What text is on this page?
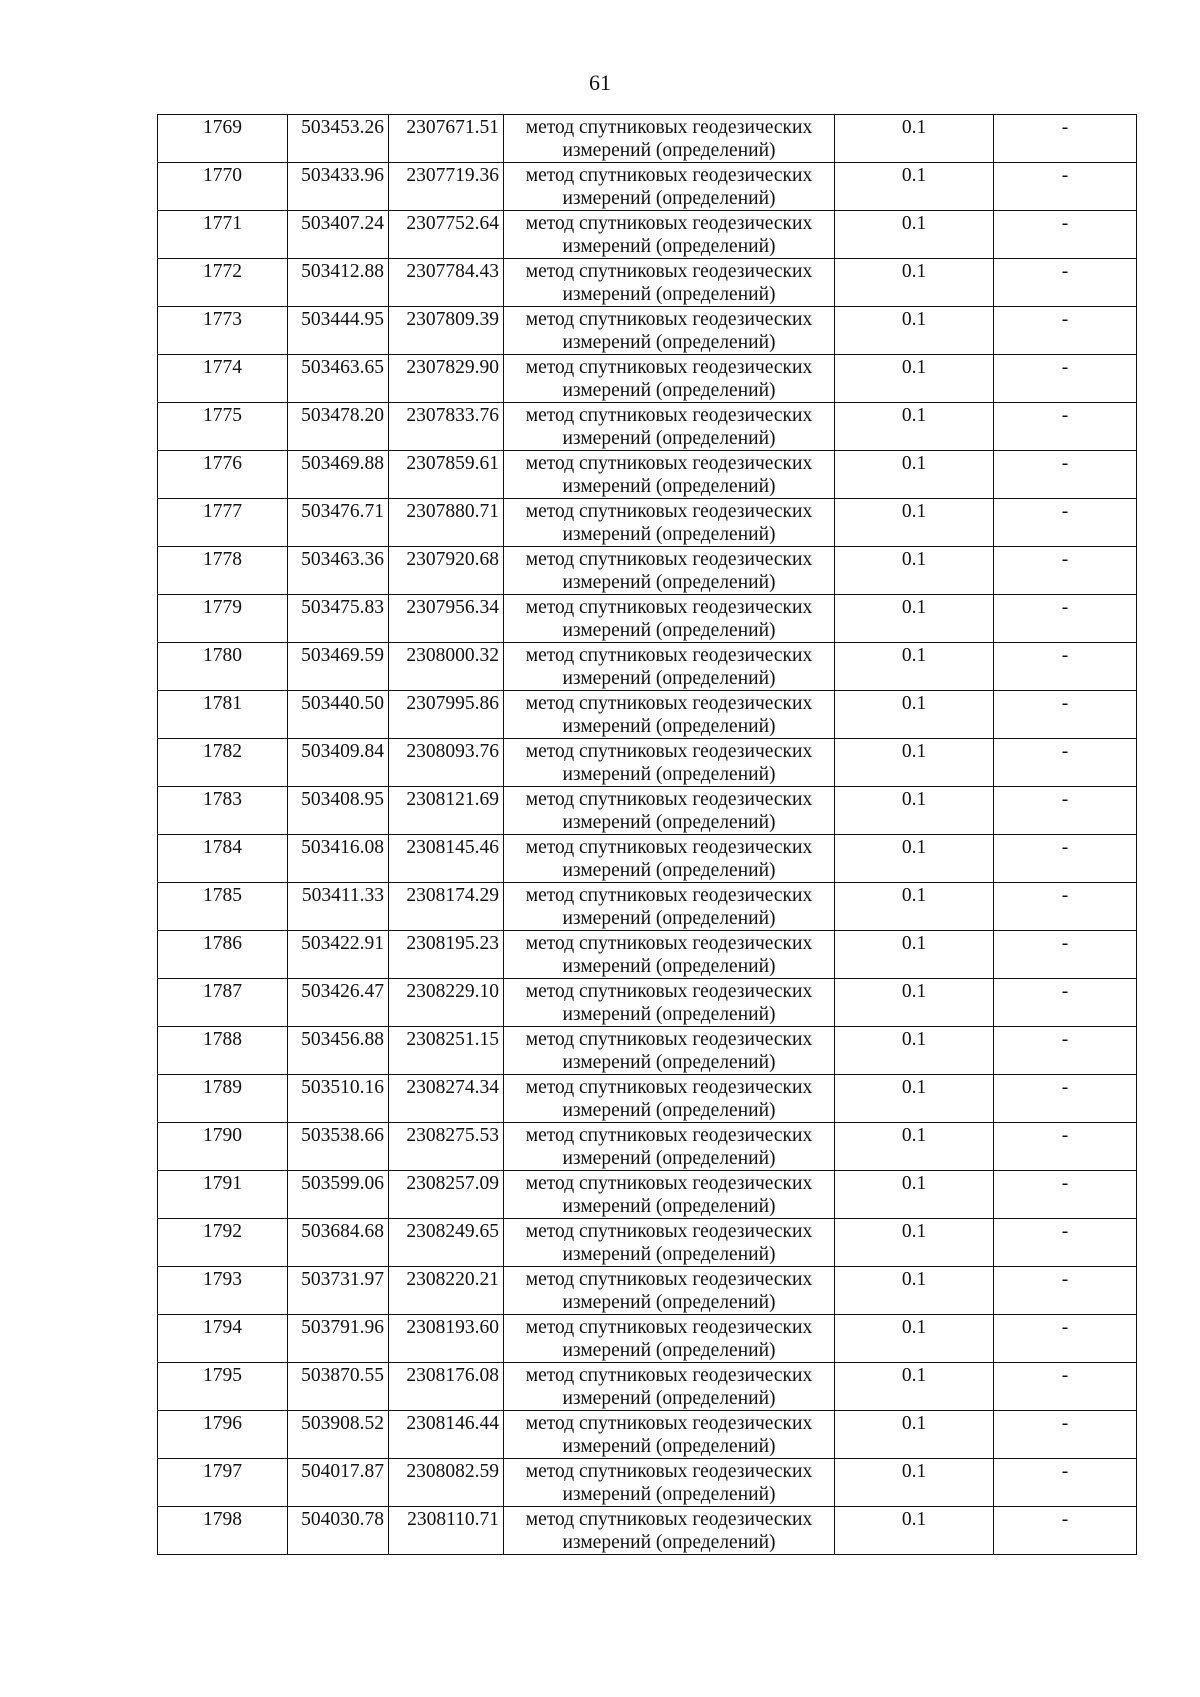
61
1769	503453.26	2307671.51	метод спутниковых геодезических
измерений (определений)	0.1	-
1770	503433.96	2307719.36	метод спутниковых геодезических
измерений (определений)	0.1	-
1771	503407.24	2307752.64	метод спутниковых геодезических
измерений (определений)	0.1	-
1772	503412.88	2307784.43	метод спутниковых геодезических
измерений (определений)	0.1	-
1773	503444.95	2307809.39	метод спутниковых геодезических
измерений (определений)	0.1	-
1774	503463.65	2307829.90	метод спутниковых геодезических
измерений (определений)	0.1	-
1775	503478.20	2307833.76	метод спутниковых геодезических
измерений (определений)	0.1	-
1776	503469.88	2307859.61	метод спутниковых геодезических
измерений (определений)	0.1	-
1777	503476.71	2307880.71	метод спутниковых геодезических
измерений (определений)	0.1	-
1778	503463.36	2307920.68	метод спутниковых геодезических
измерений (определений)	0.1	-
1779	503475.83	2307956.34	метод спутниковых геодезических
измерений (определений)	0.1	-
1780	503469.59	2308000.32	метод спутниковых геодезических
измерений (определений)	0.1	-
1781	503440.50	2307995.86	метод спутниковых геодезических
измерений (определений)	0.1	-
1782	503409.84	2308093.76	метод спутниковых геодезических
измерений (определений)	0.1	-
1783	503408.95	2308121.69	метод спутниковых геодезических
измерений (определений)	0.1	-
1784	503416.08	2308145.46	метод спутниковых геодезических
измерений (определений)	0.1	-
1785	503411.33	2308174.29	метод спутниковых геодезических
измерений (определений)	0.1	-
1786	503422.91	2308195.23	метод спутниковых геодезических
измерений (определений)	0.1	-
1787	503426.47	2308229.10	метод спутниковых геодезических
измерений (определений)	0.1	-
1788	503456.88	2308251.15	метод спутниковых геодезических
измерений (определений)	0.1	-
1789	503510.16	2308274.34	метод спутниковых геодезических
измерений (определений)	0.1	-
1790	503538.66	2308275.53	метод спутниковых геодезических
измерений (определений)	0.1	-
1791	503599.06	2308257.09	метод спутниковых геодезических
измерений (определений)	0.1	-
1792	503684.68	2308249.65	метод спутниковых геодезических
измерений (определений)	0.1	-
1793	503731.97	2308220.21	метод спутниковых геодезических
измерений (определений)	0.1	-
1794	503791.96	2308193.60	метод спутниковых геодезических
измерений (определений)	0.1	-
1795	503870.55	2308176.08	метод спутниковых геодезических
измерений (определений)	0.1	-
1796	503908.52	2308146.44	метод спутниковых геодезических
измерений (определений)	0.1	-
1797	504017.87	2308082.59	метод спутниковых геодезических
измерений (определений)	0.1	-
1798	504030.78	2308110.71	метод спутниковых геодезических
измерений (определений)	0.1	-
